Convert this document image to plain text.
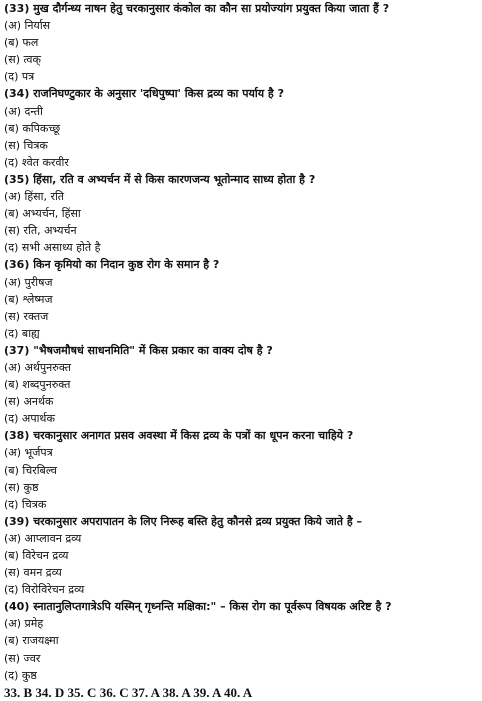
(33) मुख दौर्गन्ध्य नाषन हेतु चरकानुसार कंकोल का कौन सा प्रयोज्यांग प्रयुक्त किया जाता हैं ?
(अ) निर्यास
(ब) फल
(स) त्वक्
(द) पत्र
(34) राजनिघण्टुकार के अनुसार 'दधिपुष्पा' किस द्रव्य का पर्याय है ?
(अ) दन्ती
(ब) कपिकच्छू
(स) चित्रक
(द) श्वेत करवीर
(35) हिंसा, रति व अभ्यर्चन में से किस कारणजन्य भूतोन्माद साध्य होता है ?
(अ) हिंसा, रति
(ब) अभ्यर्चन, हिंसा
(स) रति, अभ्यर्चन
(द) सभी असाध्य होते है
(36) किन कृमियो का निदान कुष्ठ रोग के समान है ?
(अ) पुरीषज
(ब) श्लेष्मज
(स) रक्तज
(द) बाह्य
(37) "भैषजमौषधं साधनमिति" में किस प्रकार का वाक्य दोष है ?
(अ) अर्थपुनरुक्त
(ब) शब्दपुनरुक्त
(स) अनर्थक
(द) अपार्थक
(38) चरकानुसार अनागत प्रसव अवस्था में किस द्रव्य के पत्रों का धूपन करना चाहिये ?
(अ) भूर्जपत्र
(ब) चिरबिल्व
(स) कुष्ठ
(द) चित्रक
(39) चरकानुसार अपरापातन के लिए निरूह बस्ति हेतु कौनसे द्रव्य प्रयुक्त किये जाते है –
(अ) आप्लावन द्रव्य
(ब) विरेचन द्रव्य
(स) वमन द्रव्य
(द) विरोविरेचन द्रव्य
(40) स्नातानुलिप्तगात्रेऽपि यस्मिन् गृध्नन्ति मक्षिका:" – किस रोग का पूर्वरूप विषयक अरिष्ट है ?
(अ) प्रमेह
(ब) राजयक्ष्मा
(स) ज्वर
(द) कुष्ठ
33. B 34. D 35. C 36. C 37. A 38. A 39. A 40. A
